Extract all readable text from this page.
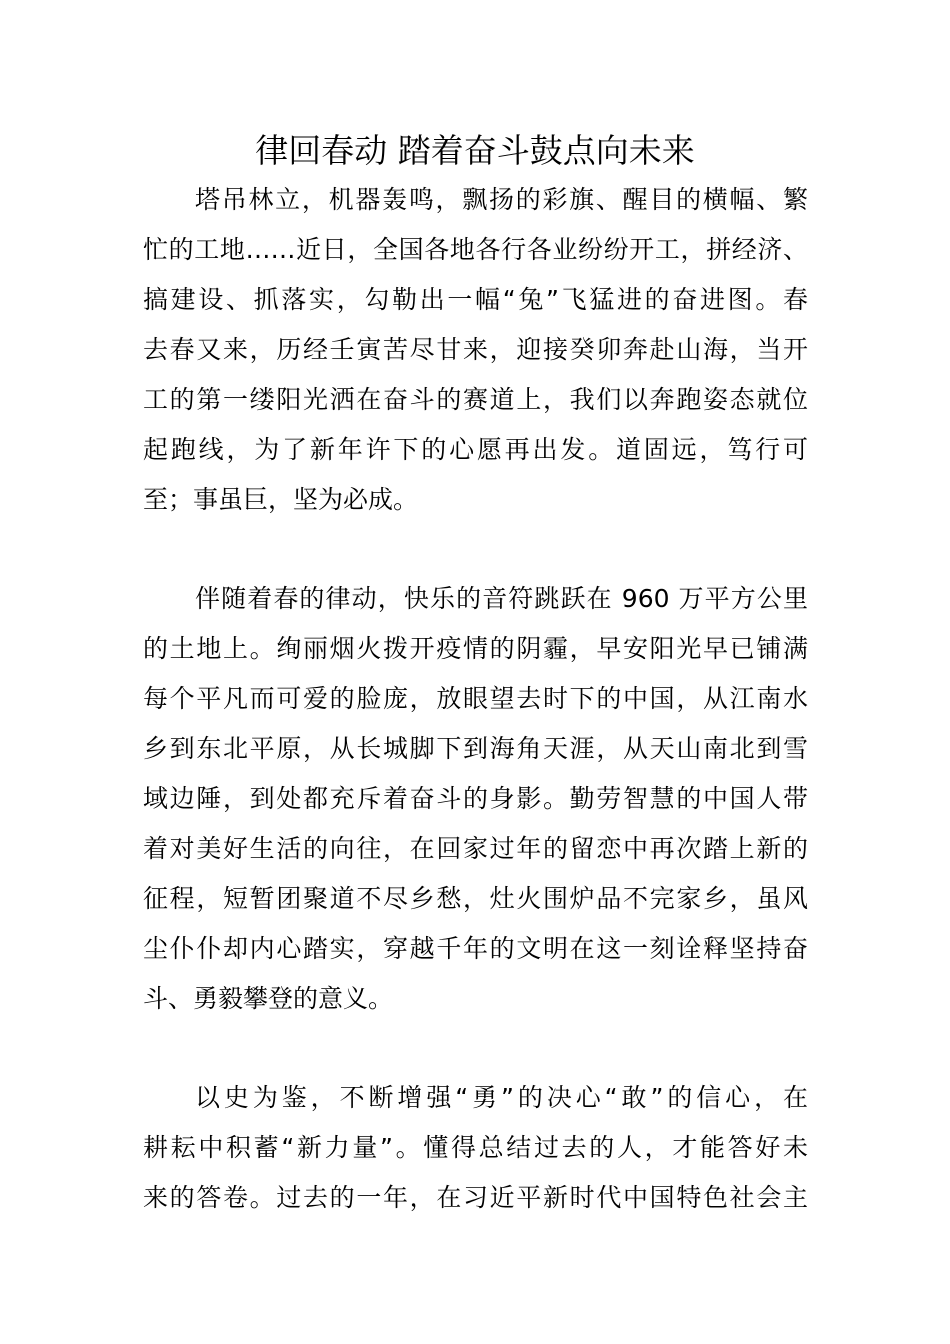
律回春动 踏着奋斗鼓点向未来
塔吊林立，机器轰鸣，飘扬的彩旗、醒目的横幅、繁
忙的工地……近日，全国各地各行各业纷纷开工，拼经济、
搞建设、抓落实，勾勒出一幅“兔”飞猛进的奋进图。春
去春又来，历经壬寅苦尽甘来，迎接癸卯奔赴山海，当开
工的第一缕阳光洒在奋斗的赛道上，我们以奔跑姿态就位
起跑线，为了新年许下的心愿再出发。道固远，笃行可
至；事虽巨，坚为必成。
伴随着春的律动，快乐的音符跳跃在 960 万平方公里
的土地上。绚丽烟火拨开疫情的阴霾，早安阳光早已铺满
每个平凡而可爱的脸庞，放眼望去时下的中国，从江南水
乡到东北平原，从长城脚下到海角天涯，从天山南北到雪
域边陲，到处都充斥着奋斗的身影。勤劳智慧的中国人带
着对美好生活的向往，在回家过年的留恋中再次踏上新的
征程，短暂团聚道不尽乡愁，灶火围炉品不完家乡，虽风
尘仆仆却内心踏实，穿越千年的文明在这一刻诠释坚持奋
斗、勇毅攀登的意义。
以史为鉴，不断增强“勇”的决心“敢”的信心，在
耕耘中积蓄“新力量”。懂得总结过去的人，才能答好未
来的答卷。过去的一年，在习近平新时代中国特色社会主
